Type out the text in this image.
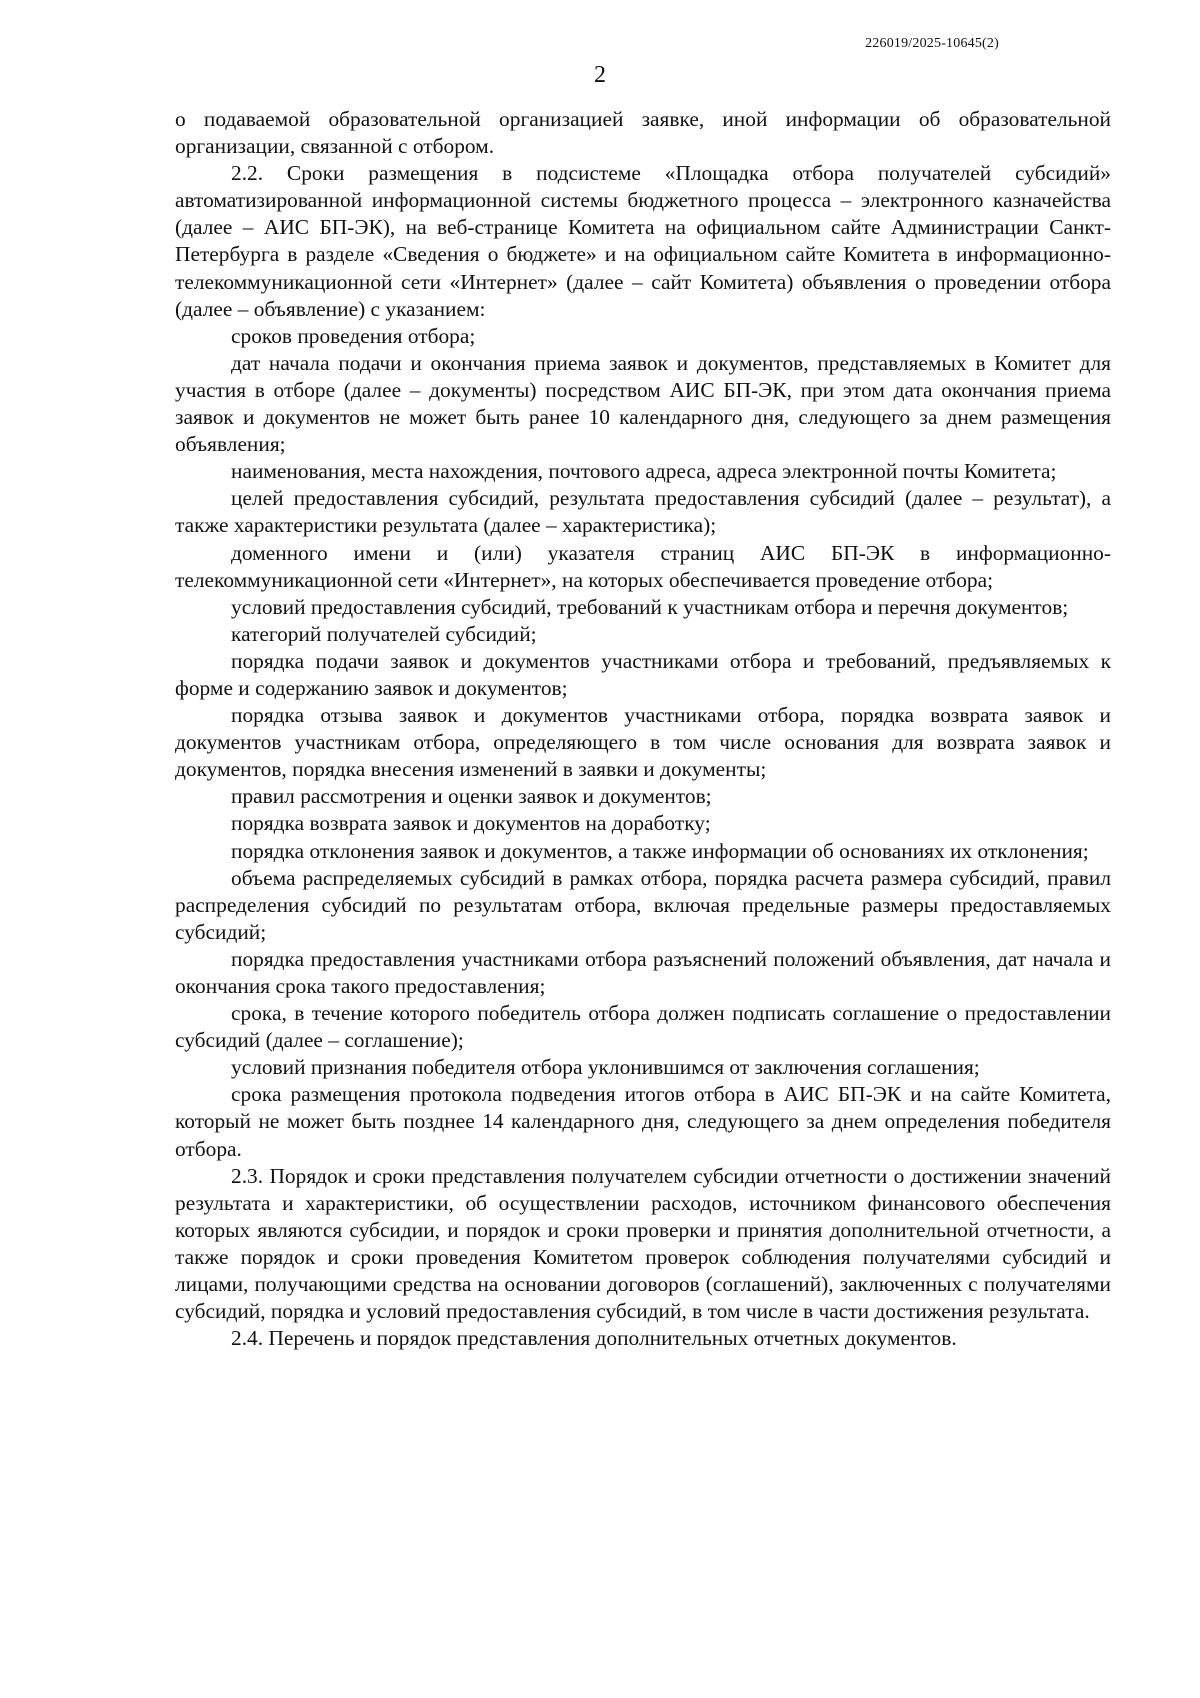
226019/2025-10645(2)
2

о подаваемой образовательной организацией заявке, иной информации об образовательной организации, связанной с отбором.

2.2. Сроки размещения в подсистеме «Площадка отбора получателей субсидий» автоматизированной информационной системы бюджетного процесса – электронного казначейства (далее – АИС БП-ЭК), на веб-странице Комитета на официальном сайте Администрации Санкт-Петербурга в разделе «Сведения о бюджете» и на официальном сайте Комитета в информационно-телекоммуникационной сети «Интернет» (далее – сайт Комитета) объявления о проведении отбора (далее – объявление) с указанием:

сроков проведения отбора;

дат начала подачи и окончания приема заявок и документов, представляемых в Комитет для участия в отборе (далее – документы) посредством АИС БП-ЭК, при этом дата окончания приема заявок и документов не может быть ранее 10 календарного дня, следующего за днем размещения объявления;

наименования, места нахождения, почтового адреса, адреса электронной почты Комитета;

целей предоставления субсидий, результата предоставления субсидий (далее – результат), а также характеристики результата (далее – характеристика);

доменного имени и (или) указателя страниц АИС БП-ЭК в информационно-телекоммуникационной сети «Интернет», на которых обеспечивается проведение отбора;

условий предоставления субсидий, требований к участникам отбора и перечня документов;

категорий получателей субсидий;

порядка подачи заявок и документов участниками отбора и требований, предъявляемых к форме и содержанию заявок и документов;

порядка отзыва заявок и документов участниками отбора, порядка возврата заявок и документов участникам отбора, определяющего в том числе основания для возврата заявок и документов, порядка внесения изменений в заявки и документы;

правил рассмотрения и оценки заявок и документов;

порядка возврата заявок и документов на доработку;

порядка отклонения заявок и документов, а также информации об основаниях их отклонения;

объема распределяемых субсидий в рамках отбора, порядка расчета размера субсидий, правил распределения субсидий по результатам отбора, включая предельные размеры предоставляемых субсидий;

порядка предоставления участниками отбора разъяснений положений объявления, дат начала и окончания срока такого предоставления;

срока, в течение которого победитель отбора должен подписать соглашение о предоставлении субсидий (далее – соглашение);

условий признания победителя отбора уклонившимся от заключения соглашения;

срока размещения протокола подведения итогов отбора в АИС БП-ЭК и на сайте Комитета, который не может быть позднее 14 календарного дня, следующего за днем определения победителя отбора.

2.3. Порядок и сроки представления получателем субсидии отчетности о достижении значений результата и характеристики, об осуществлении расходов, источником финансового обеспечения которых являются субсидии, и порядок и сроки проверки и принятия дополнительной отчетности, а также порядок и сроки проведения Комитетом проверок соблюдения получателями субсидий и лицами, получающими средства на основании договоров (соглашений), заключенных с получателями субсидий, порядка и условий предоставления субсидий, в том числе в части достижения результата.

2.4. Перечень и порядок представления дополнительных отчетных документов.
